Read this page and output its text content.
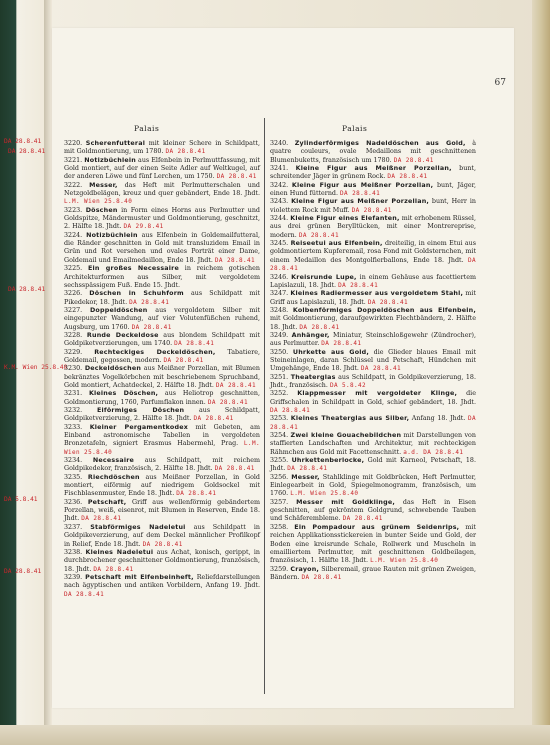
67
Palais	Palais
DA 28.8.41
DA 28.8.41
K.M. Wien 25.8.40
DA 28.8.41
DA 5.8.41
DA 28.8.41

3220. Scherenfutteral mit kleiner Schere in Schildpatt, mit Goldmontierung, um 1780. DA 28.8.41

3221. Notizbüchlein aus Elfenbein in Perlmuttfassung, mit Gold montiert, auf der einen Seite Adler auf Weltkugel, auf der anderen Löwe und fünf Lerchen, um 1750. DA 28.8.41

3222. Messer, das Heft mit Perlmutterschalen und Netzgoldbelägen, kreuz und quer gebändert, Ende 18. Jhdt. L.M. Wien 25.8.40

3223. Döschen in Form eines Horns aus Perlmutter und Goldspitze, Mändermuster und Goldmontierung, geschnitzt, 2. Hälfte 18. Jhdt. DA 29.8.41

3224. Notizbüchlein aus Elfenbein in Goldemailfutteral, die Ränder geschnitten in Gold mit transluzidem Email in Grün und Rot versehen und ovales Porträt einer Dame, Goldemail und Emailmedaillon, Ende 18. Jhdt. DA 28.8.41

3225. Ein großes Necessaire in reichem gotischen Architekturformen aus Silber, mit vergoldetem sechsspässigem Fuß. Ende 15. Jhdt.

3226. Döschen in Schuhform aus Schildpatt mit Pikedekor, 18. Jhdt. DA 28.8.41

3227. Doppeldöschen aus vergoldetem Silber mit eingepunzter Wandung, auf vier Volutenfüßchen ruhend, Augsburg, um 1760. DA 28.8.41

3228. Runde Deckeldose aus blondem Schildpatt mit Goldpiketverzierungen, um 1740. DA 28.8.41

3229. Rechteckiges Deckeldöschen, Tabatiere, Goldemail, gegossen, modern. DA 28.8.41

3230. Deckeldöschen aus Meißner Porzellan, mit Blumen bekränztes Vogelkörbchen mit beschriebenem Spruchband, Gold montiert, Achatdeckel, 2. Hälfte 18. Jhdt. DA 28.8.41

3231. Kleines Döschen, aus Heliotrop geschnitten, Goldmontierung, 1760, Parfumflakon innen. DA 28.8.41

3232. Eiförmiges Döschen aus Schildpatt, Goldpiketverzierung, 2. Hälfte 18. Jhdt. DA 28.8.41

3233. Kleiner Pergamentkodex mit Gebeten, am Einband astronomische Tabellen in vergoldeten Bronzetafeln, signiert Erasmus Habermehl, Prag. L.M. Wien 25.8.40

3234. Necessaire aus Schildpatt, mit reichem Goldpikedekor, französisch, 2. Hälfte 18. Jhdt. DA 28.8.41

3235. Riechdöschen aus Meißner Porzellan, in Gold montiert, eiförmig auf niedrigem Goldsockel mit Fischblasenmuster, Ende 18. Jhdt. DA 28.8.41

3236. Petschaft, Griff aus wellenförmig gebändertem Porzellan, weiß, eisenrot, mit Blumen in Reserven, Ende 18. Jhdt. DA 28.8.41

3237. Stabförmiges Nadeletui aus Schildpatt in Goldpikeverzierung, auf dem Deckel männlicher Profilkopf in Relief, Ende 18. Jhdt. DA 28.8.41

3238. Kleines Nadeletui aus Achat, konisch, gerippt, in durchbrochener geschnittener Goldmontierung, französisch, 18. Jhdt. DA 28.8.41

3239. Petschaft mit Elfenbeinheft, Reliefdarstellungen nach ägyptischen und antiken Vorbildern, Anfang 19. Jhdt. DA 28.8.41

3240. Zylinderförmiges Nadeldöschen aus Gold, à quatre couleurs, ovale Medaillons mit geschnittenen Blumenbuketts, französisch um 1780. DA 28.8.41

3241. Kleine Figur aus Meißner Porzellan, bunt, schreitender Jäger in grünem Rock. DA 28.8.41

3242. Kleine Figur aus Meißner Porzellan, bunt, Jäger, einen Hund fütternd. DA 28.8.41

3243. Kleine Figur aus Meißner Porzellan, bunt, Herr in violettem Rock mit Muff. DA 28.8.41

3244. Kleine Figur eines Elefanten, mit erhobenem Rüssel, aus drei grünen Berylltücken, mit einer Montrereprise, modern. DA 28.8.41

3245. Reiseetui aus Elfenbein, dreiteilig, in einem Etui aus goldmontiertem Kupferemail, rosa Fond mit Goldsternchen, mit einem Medaillon des Montgolfierballons, Ende 18. Jhdt. DA 28.8.41

3246. Kreisrunde Lupe, in einem Gehäuse aus facettiertem Lapislazuli, 18. Jhdt. DA 28.8.41

3247. Kleines Radiermesser aus vergoldetem Stahl, mit Griff aus Lapislazuli, 18. Jhdt. DA 28.8.41

3248. Kolbenförmiges Doppeldöschen aus Elfenbein, mit Goldmontierung, daraufgewirkten Flechtbändern, 2. Hälfte 18. Jhdt. DA 28.8.41

3249. Anhänger, Miniatur, Steinschloßgewehr (Zündrocher), aus Perlmutter. DA 28.8.41

3250. Uhrkette aus Gold, die Glieder blaues Email mit Steineinlagen, daran Schlüssel und Petschaft, Hündchen mit Umgehänge, Ende 18. Jhdt. DA 28.8.41

3251. Theaterglas aus Schildpatt, in Goldpikeverzierung, 18. Jhdt., französisch. DA 5.8.42

3252. Klappmesser mit vergoldeter Klinge, die Griffschalen in Schildpatt in Gold, schief gebändert, 18. Jhdt. DA 28.8.41

3253. Kleines Theaterglas aus Silber, Anfang 18. Jhdt. DA 28.8.41

3254. Zwei kleine Gouachebildchen mit Darstellungen von staffierten Landschaften und Architektur, mit rechteckigen Rähmchen aus Gold mit Facettenschnitt. a.d. DA 28.8.41

3255. Uhrkettenberlocke, Gold mit Karneol, Petschaft, 18. Jhdt. DA 28.8.41

3256. Messer, Stahlklinge mit Goldbrücken, Heft Perlmutter, Einlegearbeit in Gold, Spiegelmonogramm, französisch, um 1760. L.M. Wien 25.8.40

3257. Messer mit Goldklinge, das Heft in Eisen geschnitten, auf gekröntem Goldgrund, schwebende Tauben und Schäferembleme. DA 28.8.41

3258. Ein Pompadour aus grünem Seidenrips, mit reichen Applikationsstickereien in bunter Seide und Gold, der Boden eine kreisrunde Schale, Rollwerk und Muscheln in emailliertem Perlmutter, mit geschnittenen Goldbeilagen, französisch, 1. Hälfte 18. Jhdt. L.M. Wien 25.8.40

3259. Crayon, Silberemail, graue Rauten mit grünen Zweigen, Bändern. DA 28.8.41
